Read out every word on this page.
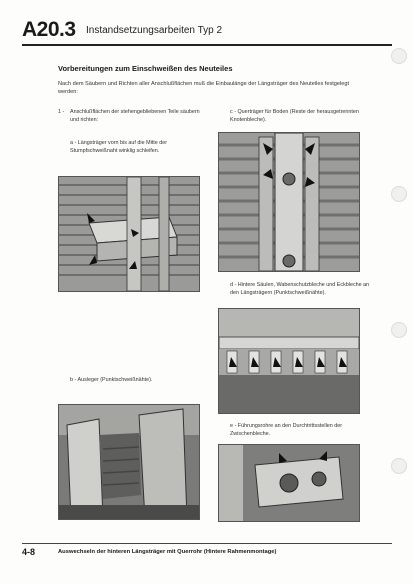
A20.3 Instandsetzungsarbeiten Typ 2
Vorbereitungen zum Einschweißen des Neuteiles
Nach dem Säubern und Richten aller Anschlußflächen muß die Einbaulänge der Längsträger des Neuteiles festgelegt werden:
1 - Anschlußflächen der stehengebliebenen Teile säubern und richten:
a - Längsträger vorn bis auf die Mitte der Stumpfschweißnaht winklig schleifen.
b - Ausleger (Punktschweißnähte).
c - Querträger für Boden (Reste der herausgetrennten Knotenbleche).
d - Hintere Säulen, Wabenschutzbleche und Eckbleche an den Längsträgern (Punktschweißnähte).
e - Führungsrohre an den Durchtrittsstellen der Zwischenbleche.
4-8	Auswechseln der hinteren Längsträger mit Querrohr (Hintere Rahmenmontage)
